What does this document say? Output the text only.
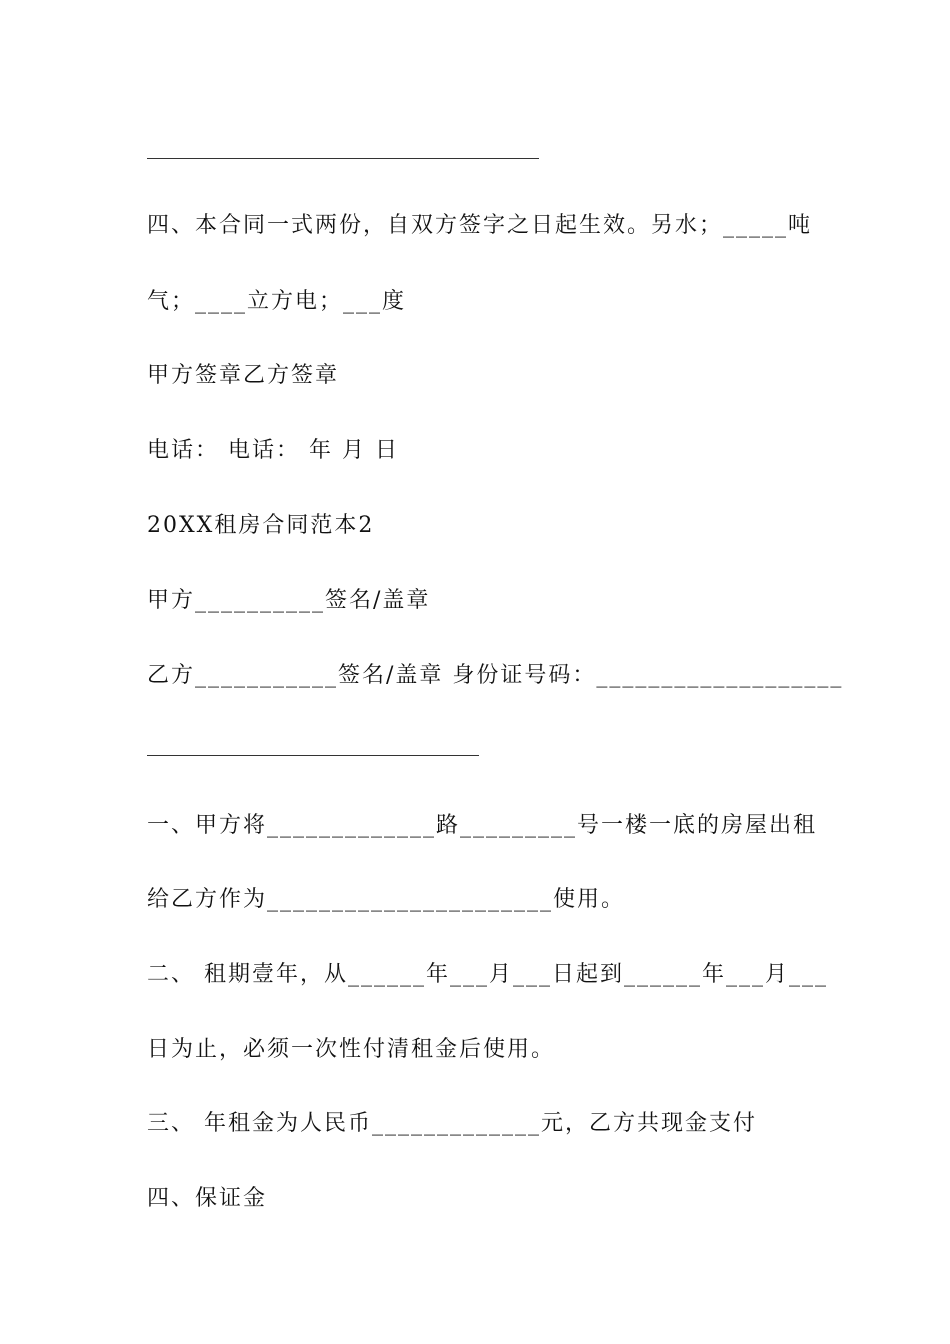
四、本合同一式两份，自双方签字之日起生效。另水；_____吨
气；____立方电；___度
甲方签章乙方签章
电话： 电话： 年 月 日
20XX租房合同范本2
甲方__________签名/盖章
乙方___________签名/盖章 身份证号码：___________________
一、甲方将_____________路_________号一楼一底的房屋出租
给乙方作为______________________使用。
二、 租期壹年，从______年___月___日起到______年___月___
日为止，必须一次性付清租金后使用。
三、 年租金为人民币_____________元，乙方共现金支付
四、保证金
